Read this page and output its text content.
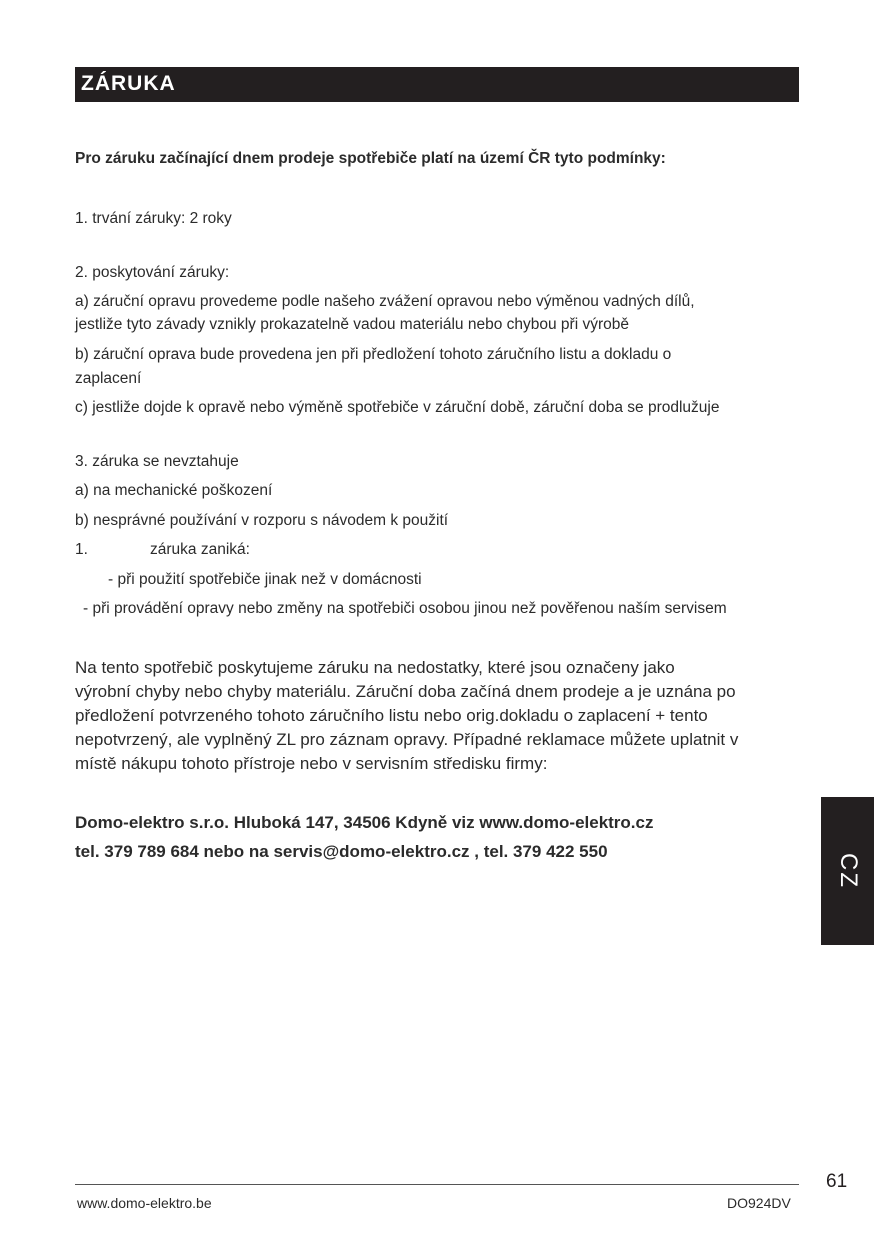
ZÁRUKA
Pro záruku začínající dnem prodeje spotřebiče platí na území ČR tyto podmínky:
1. trvání záruky: 2 roky
2. poskytování záruky:
a) záruční opravu provedeme podle našeho zvážení opravou nebo výměnou vadných dílů,
jestliže tyto závady vznikly prokazatelně vadou materiálu nebo chybou při výrobě
b) záruční oprava bude provedena jen při předložení tohoto záručního listu a dokladu o
zaplacení
c) jestliže dojde k opravě nebo výměně spotřebiče v záruční době, záruční doba se prodlužuje
3. záruka se nevztahuje
a) na mechanické poškození
b) nesprávné používání v rozporu s návodem k použití
1.	záruka zaniká:
- při použití spotřebiče jinak než v domácnosti
- při provádění opravy nebo změny na spotřebiči osobou jinou než pověřenou naším servisem
Na tento spotřebič poskytujeme záruku na nedostatky, které jsou označeny jako
výrobní chyby nebo chyby materiálu. Záruční doba začíná dnem prodeje a je uznána po
předložení potvrzeného tohoto záručního listu nebo orig.dokladu o zaplacení + tento
nepotvrzený, ale vyplněný ZL pro záznam opravy. Případné reklamace můžete uplatnit v
místě nákupu tohoto přístroje nebo v servisním středisku firmy:
Domo-elektro s.r.o. Hluboká 147, 34506 Kdyně viz www.domo-elektro.cz
tel. 379 789 684 nebo na servis@domo-elektro.cz , tel. 379 422 550
CZ
61
www.domo-elektro.be	DO924DV
